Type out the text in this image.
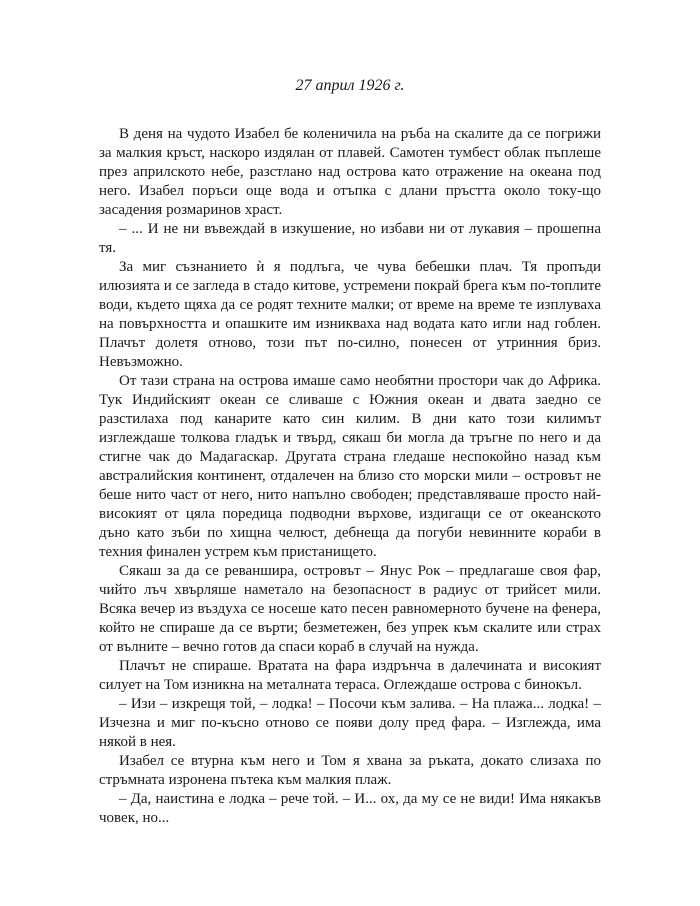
27 април 1926 г.

В деня на чудото Изабел бе коленичила на ръба на скалите да се погрижи за малкия кръст, наскоро издялан от плавей. Самотен тумбест облак пъплеше през априлското небе, разстлано над острова като отражение на океана под него. Изабел поръси още вода и отъпка с длани пръстта около току-що засадения розмаринов храст.

– ... И не ни въвеждай в изкушение, но избави ни от лукавия – прошепна тя.

За миг съзнанието ѝ я подлъга, че чува бебешки плач. Тя пропъди илюзията и се загледа в стадо китове, устремени покрай брега към по-топлите води, където щяха да се родят техните малки; от време на време те изплуваха на повърхността и опашките им изникваха над водата като игли над гоблен. Плачът долетя отново, този път по-силно, понесен от утринния бриз. Невъзможно.

От тази страна на острова имаше само необятни простори чак до Африка. Тук Индийският океан се сливаше с Южния океан и двата заедно се разстилаха под канарите като син килим. В дни като този килимът изглеждаше толкова гладък и твърд, сякаш би могла да тръгне по него и да стигне чак до Мадагаскар. Другата страна гледаше неспокойно назад към австралийския континент, отдалечен на близо сто морски мили – островът не беше нито част от него, нито напълно свободен; представляваше просто най-високият от цяла поредица подводни върхове, издигащи се от океанското дъно като зъби по хищна челюст, дебнеща да погуби невинните кораби в техния финален устрем към пристанището.

Сякаш за да се реваншира, островът – Янус Рок – предлагаше своя фар, чийто лъч хвърляше наметало на безопасност в радиус от трийсет мили. Всяка вечер из въздуха се носеше като песен равномерното бучене на фенера, който не спираше да се върти; безметежен, без упрек към скалите или страх от вълните – вечно готов да спаси кораб в случай на нужда.

Плачът не спираше. Вратата на фара издрънча в далечината и високият силует на Том изникна на металната тераса. Оглеждаше острова с бинокъл.

– Изи – изкрещя той, – лодка! – Посочи към залива. – На плажа... лодка! – Изчезна и миг по-късно отново се появи долу пред фара. – Изглежда, има някой в нея.

Изабел се втурна към него и Том я хвана за ръката, докато слизаха по стръмната изронена пътека към малкия плаж.

– Да, наистина е лодка – рече той. – И... ох, да му се не види! Има някакъв човек, но...
